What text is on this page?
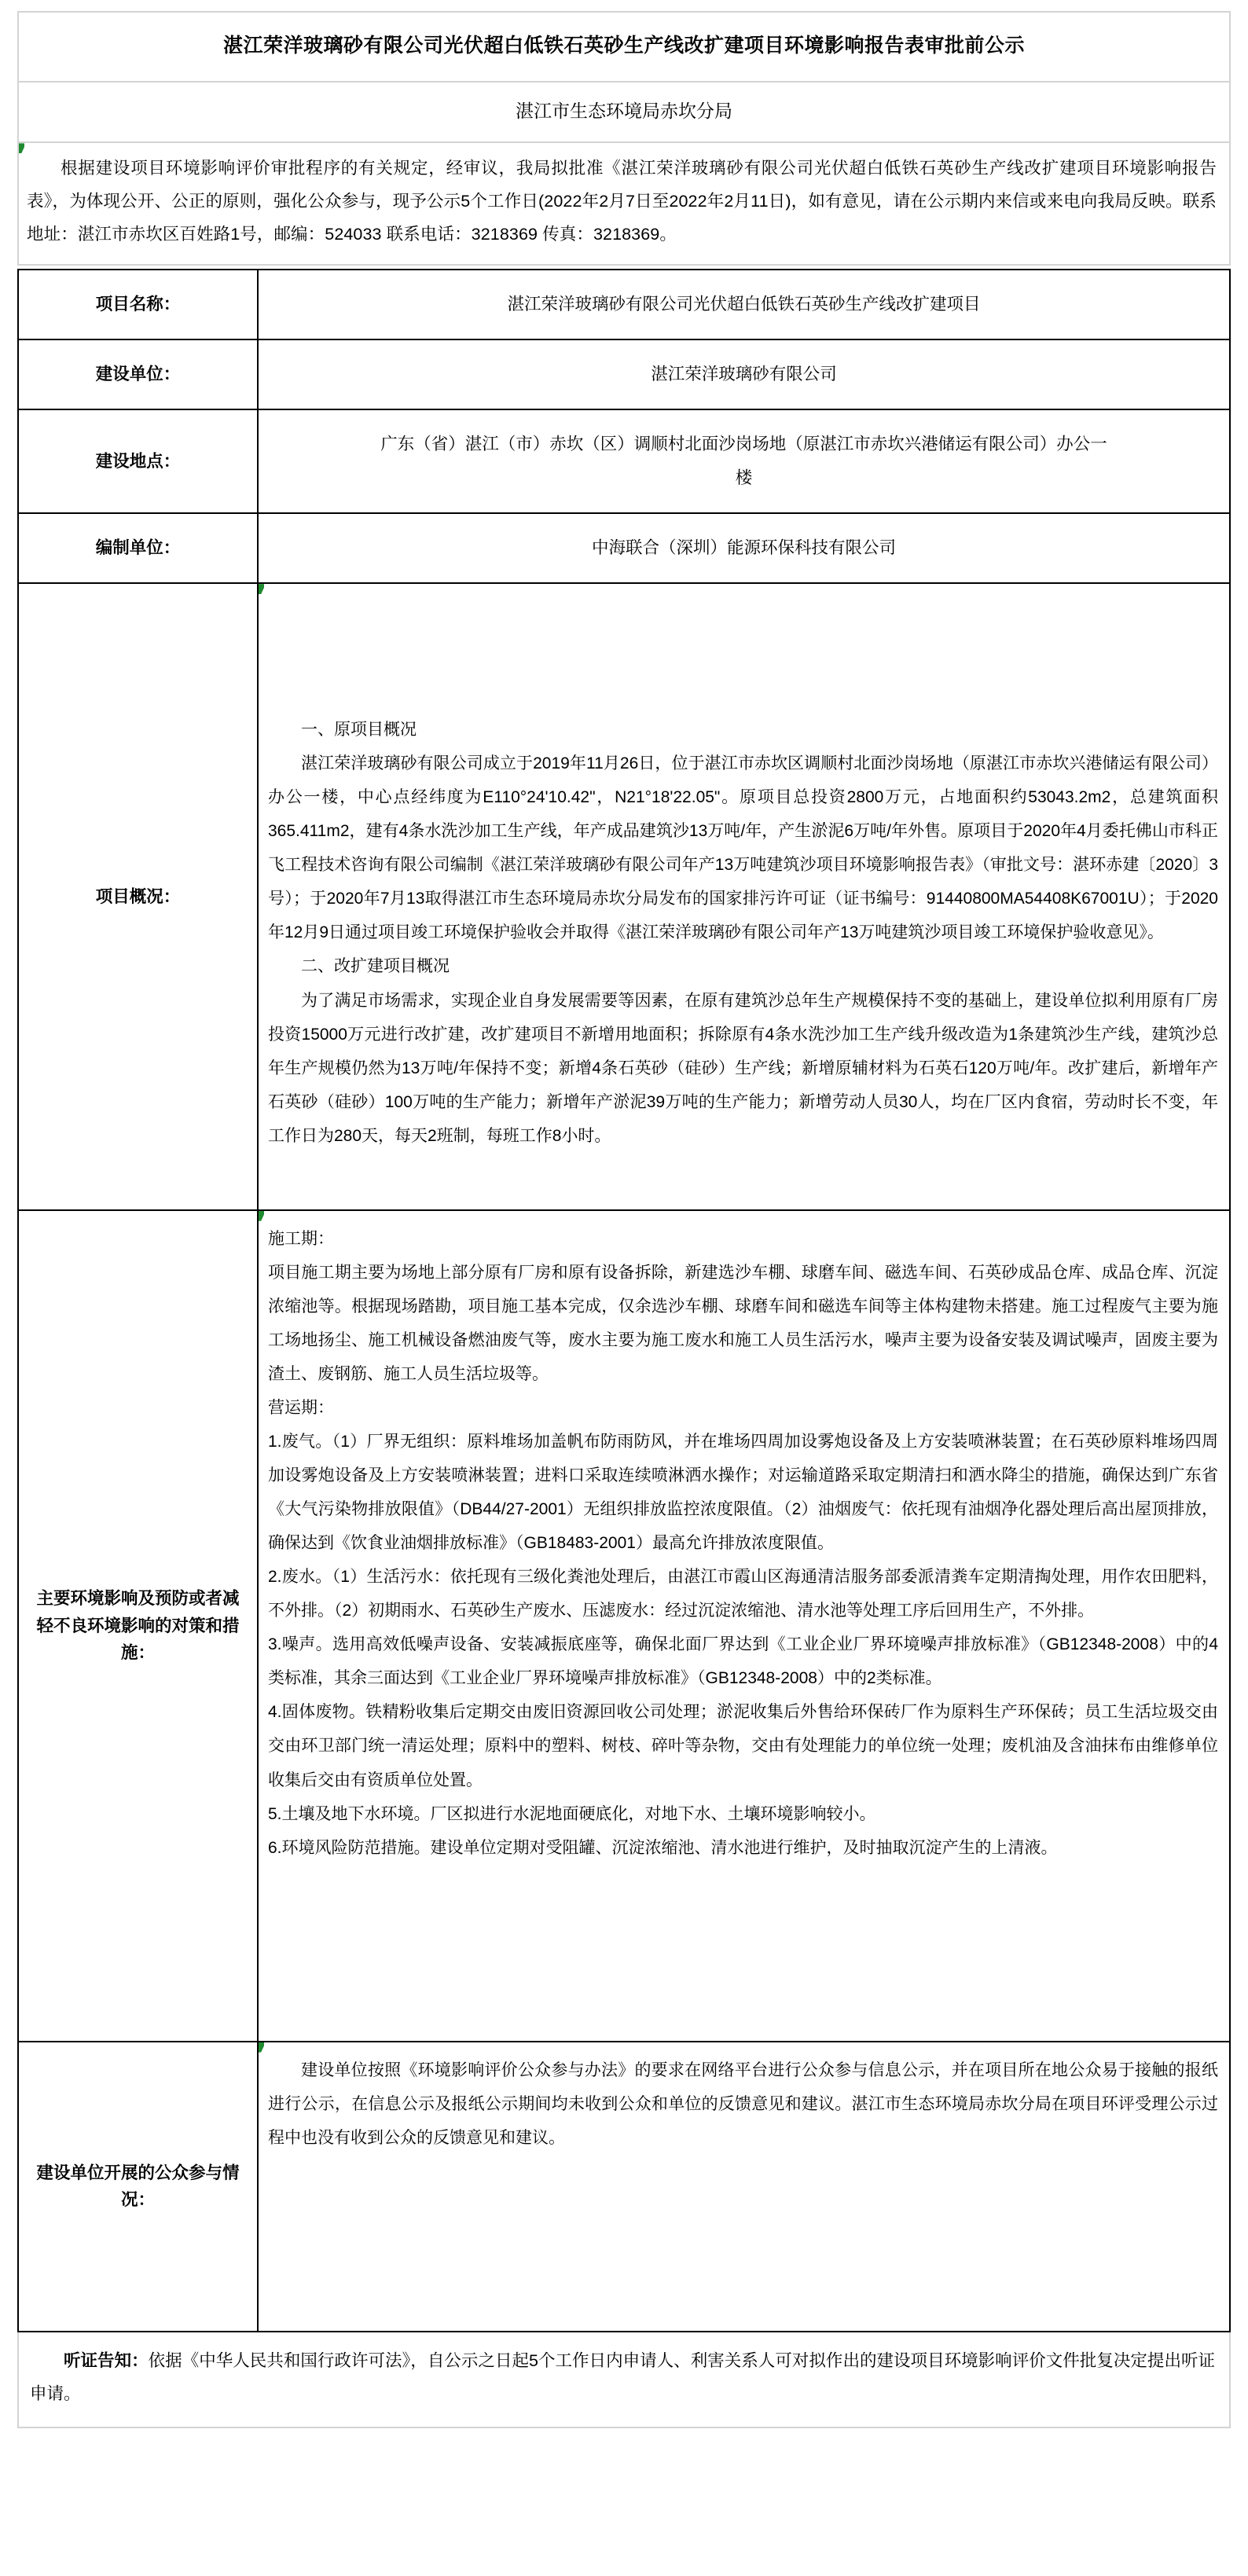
湛江荣洋玻璃砂有限公司光伏超白低铁石英砂生产线改扩建项目环境影响报告表审批前公示
湛江市生态环境局赤坎分局
根据建设项目环境影响评价审批程序的有关规定，经审议，我局拟批准《湛江荣洋玻璃砂有限公司光伏超白低铁石英砂生产线改扩建项目环境影响报告表》，为体现公开、公正的原则，强化公众参与，现予公示5个工作日(2022年2月7日至2022年2月11日)，如有意见，请在公示期内来信或来电向我局反映。联系地址：湛江市赤坎区百姓路1号，邮编：524033 联系电话：3218369 传真：3218369。
项目名称：	湛江荣洋玻璃砂有限公司光伏超白低铁石英砂生产线改扩建项目

建设单位：	湛江荣洋玻璃砂有限公司

建设地点：	广东（省）湛江（市）赤坎（区）调顺村北面沙岗场地（原湛江市赤坎兴港储运有限公司）办公一楼

编制单位：	中海联合（深圳）能源环保科技有限公司

项目概况：	一、原项目概况

湛江荣洋玻璃砂有限公司成立于2019年11月26日，位于湛江市赤坎区调顺村北面沙岗场地（原湛江市赤坎兴港储运有限公司）办公一楼，中心点经纬度为E110°24'10.42"，N21°18'22.05"。原项目总投资2800万元，占地面积约53043.2m2，总建筑面积365.411m2，建有4条水洗沙加工生产线，年产成品建筑沙13万吨/年，产生淤泥6万吨/年外售。原项目于2020年4月委托佛山市科正飞工程技术咨询有限公司编制《湛江荣洋玻璃砂有限公司年产13万吨建筑沙项目环境影响报告表》（审批文号：湛环赤建〔2020〕3号）；于2020年7月13取得湛江市生态环境局赤坎分局发布的国家排污许可证（证书编号：91440800MA54408K67001U）；于2020年12月9日通过项目竣工环境保护验收会并取得《湛江荣洋玻璃砂有限公司年产13万吨建筑沙项目竣工环境保护验收意见》。

二、改扩建项目概况

为了满足市场需求，实现企业自身发展需要等因素，在原有建筑沙总年生产规模保持不变的基础上，建设单位拟利用原有厂房投资15000万元进行改扩建，改扩建项目不新增用地面积；拆除原有4条水洗沙加工生产线升级改造为1条建筑沙生产线，建筑沙总年生产规模仍然为13万吨/年保持不变；新增4条石英砂（硅砂）生产线；新增原辅材料为石英石120万吨/年。改扩建后，新增年产石英砂（硅砂）100万吨的生产能力；新增年产淤泥39万吨的生产能力；新增劳动人员30人，均在厂区内食宿，劳动时长不变，年工作日为280天，每天2班制，每班工作8小时。

主要环境影响及预防或者减轻不良环境影响的对策和措施：

施工期：

项目施工期主要为场地上部分原有厂房和原有设备拆除，新建选沙车棚、球磨车间、磁选车间、石英砂成品仓库、成品仓库、沉淀浓缩池等。根据现场踏勘，项目施工基本完成，仅余选沙车棚、球磨车间和磁选车间等主体构建物未搭建。施工过程废气主要为施工场地扬尘、施工机械设备燃油废气等，废水主要为施工废水和施工人员生活污水，噪声主要为设备安装及调试噪声，固废主要为渣土、废钢筋、施工人员生活垃圾等。

营运期：

1.废气。（1）厂界无组织：原料堆场加盖帆布防雨防风，并在堆场四周加设雾炮设备及上方安装喷淋装置；在石英砂原料堆场四周加设雾炮设备及上方安装喷淋装置；进料口采取连续喷淋洒水操作；对运输道路采取定期清扫和洒水降尘的措施，确保达到广东省《大气污染物排放限值》（DB44/27-2001）无组织排放监控浓度限值。（2）油烟废气：依托现有油烟净化器处理后高出屋顶排放，确保达到《饮食业油烟排放标准》（GB18483-2001）最高允许排放浓度限值。

2.废水。（1）生活污水：依托现有三级化粪池处理后，由湛江市霞山区海通清洁服务部委派清粪车定期清掏处理，用作农田肥料，不外排。（2）初期雨水、石英砂生产废水、压滤废水：经过沉淀浓缩池、清水池等处理工序后回用生产，不外排。

3.噪声。选用高效低噪声设备、安装减振底座等，确保北面厂界达到《工业企业厂界环境噪声排放标准》（GB12348-2008）中的4类标准，其余三面达到《工业企业厂界环境噪声排放标准》（GB12348-2008）中的2类标准。

4.固体废物。铁精粉收集后定期交由废旧资源回收公司处理；淤泥收集后外售给环保砖厂作为原料生产环保砖；员工生活垃圾交由交由环卫部门统一清运处理；原料中的塑料、树枝、碎叶等杂物，交由有处理能力的单位统一处理；废机油及含油抹布由维修单位收集后交由有资质单位处置。

5.土壤及地下水环境。厂区拟进行水泥地面硬底化，对地下水、土壤环境影响较小。

6.环境风险防范措施。建设单位定期对受阻罐、沉淀浓缩池、清水池进行维护，及时抽取沉淀产生的上清液。

建设单位开展的公众参与情况：	建设单位按照《环境影响评价公众参与办法》的要求在网络平台进行公众参与信息公示，并在项目所在地公众易于接触的报纸进行公示，在信息公示及报纸公示期间均未收到公众和单位的反馈意见和建议。湛江市生态环境局赤坎分局在项目环评受理公示过程中也没有收到公众的反馈意见和建议。

听证告知：依据《中华人民共和国行政许可法》，自公示之日起5个工作日内申请人、利害关系人可对拟作出的建设项目环境影响评价文件批复决定提出听证申请。
